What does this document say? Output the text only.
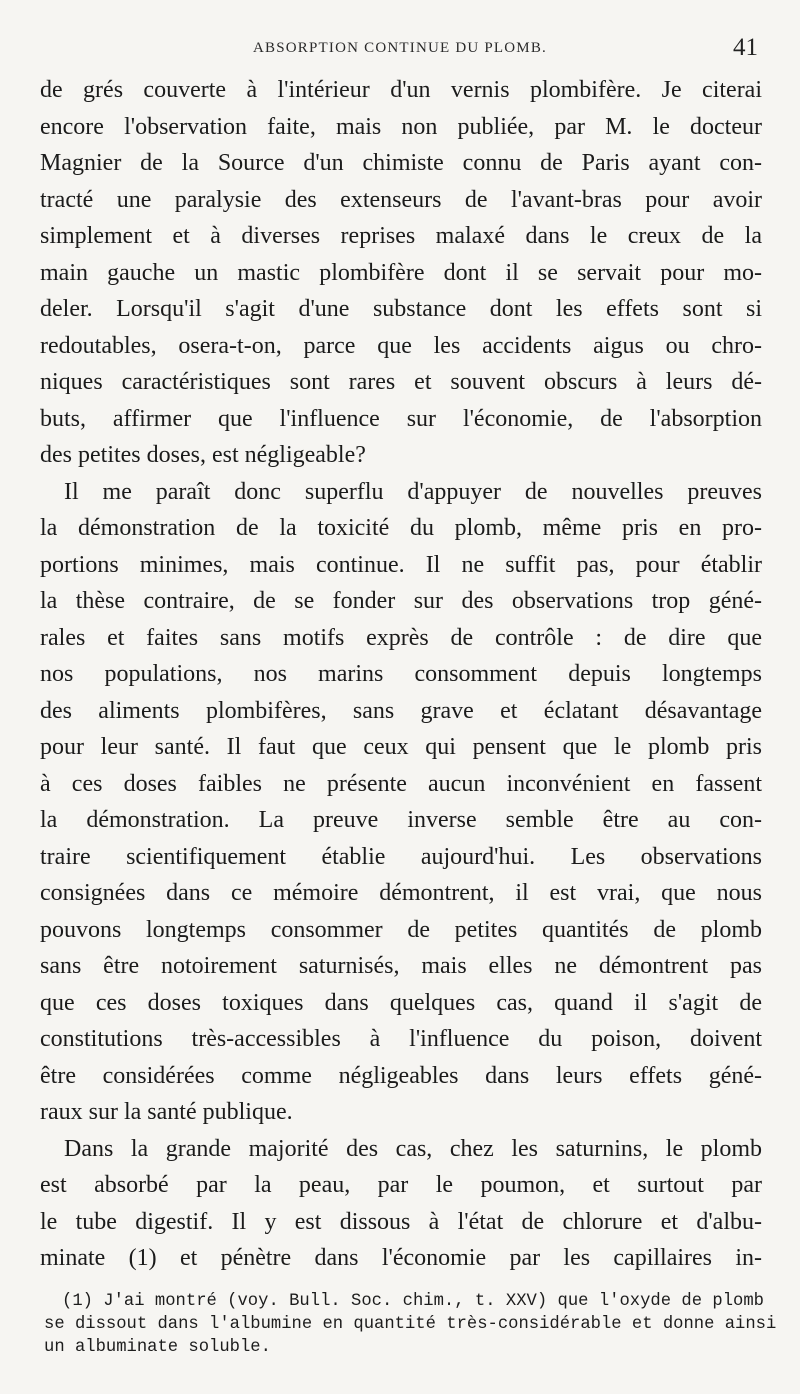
ABSORPTION CONTINUE DU PLOMB.	41
de grés couverte à l'intérieur d'un vernis plombifère. Je citerai
encore l'observation faite, mais non publiée, par M. le docteur
Magnier de la Source d'un chimiste connu de Paris ayant con-
tracté une paralysie des extenseurs de l'avant-bras pour avoir
simplement et à diverses reprises malaxé dans le creux de la
main gauche un mastic plombifère dont il se servait pour mo-
deler. Lorsqu'il s'agit d'une substance dont les effets sont si
redoutables, osera-t-on, parce que les accidents aigus ou chro-
niques caractéristiques sont rares et souvent obscurs à leurs dé-
buts, affirmer que l'influence sur l'économie, de l'absorption
des petites doses, est négligeable?
Il me paraît donc superflu d'appuyer de nouvelles preuves
la démonstration de la toxicité du plomb, même pris en pro-
portions minimes, mais continue. Il ne suffit pas, pour établir
la thèse contraire, de se fonder sur des observations trop géné-
rales et faites sans motifs exprès de contrôle : de dire que
nos populations, nos marins consomment depuis longtemps
des aliments plombifères, sans grave et éclatant désavantage
pour leur santé. Il faut que ceux qui pensent que le plomb pris
à ces doses faibles ne présente aucun inconvénient en fassent
la démonstration. La preuve inverse semble être au con-
traire scientifiquement établie aujourd'hui. Les observations
consignées dans ce mémoire démontrent, il est vrai, que nous
pouvons longtemps consommer de petites quantités de plomb
sans être notoirement saturnisés, mais elles ne démontrent pas
que ces doses toxiques dans quelques cas, quand il s'agit de
constitutions très-accessibles à l'influence du poison, doivent
être considérées comme négligeables dans leurs effets géné-
raux sur la santé publique.
Dans la grande majorité des cas, chez les saturnins, le plomb
est absorbé par la peau, par le poumon, et surtout par
le tube digestif. Il y est dissous à l'état de chlorure et d'albu-
minate (1) et pénètre dans l'économie par les capillaires in-
(1) J'ai montré (voy. Bull. Soc. chim., t. XXV) que l'oxyde de plomb
se dissout dans l'albumine en quantité très-considérable et donne ainsi
un albuminate soluble.
